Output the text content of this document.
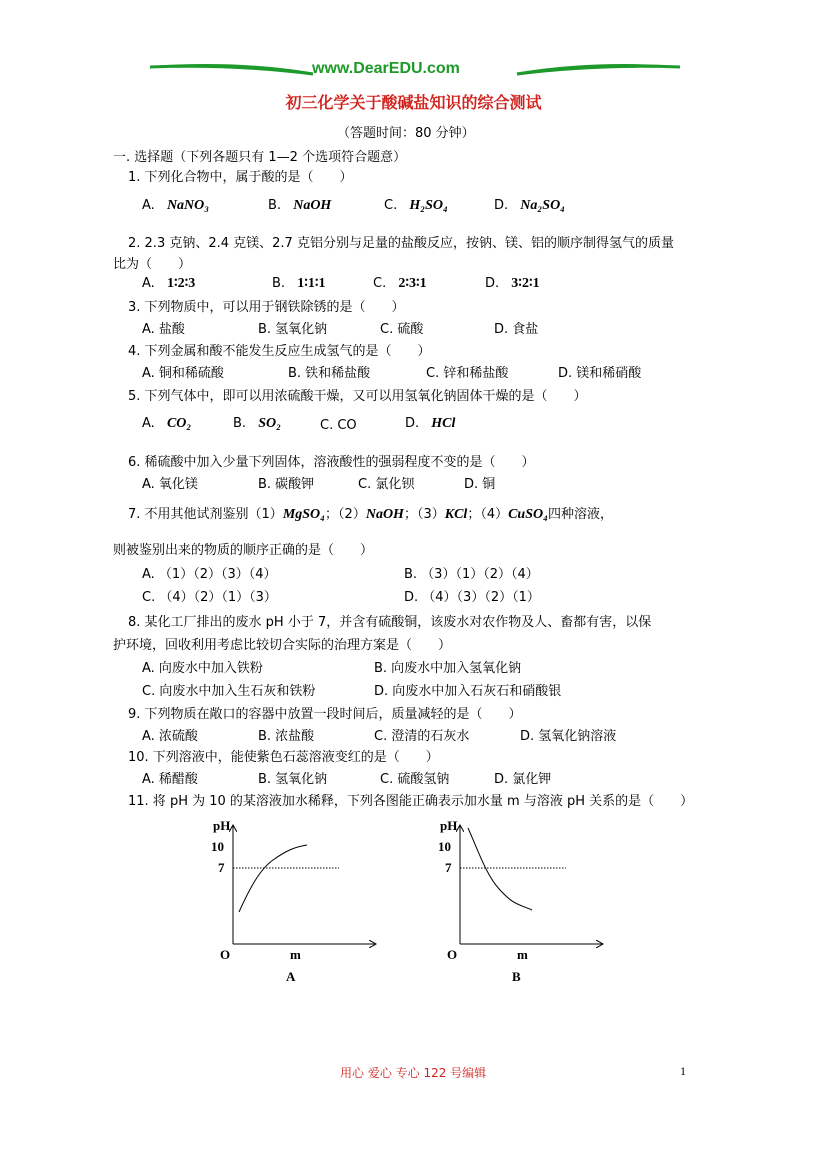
www.DearEDU.com
初三化学关于酸碱盐知识的综合测试
（答题时间：80 分钟）
一. 选择题（下列各题只有 1—2 个选项符合题意）
1. 下列化合物中，属于酸的是（　　）
A. NaNO₃	B. NaOH	C. H₂SO₄	D. Na₂SO₄
2. 2.3 克钠、2.4 克镁、2.7 克铝分别与足量的盐酸反应，按钠、镁、铝的顺序制得氢气的质量
比为（　　）
A. 1∶2∶3	B. 1∶1∶1	C. 2∶3∶1	D. 3∶2∶1
3. 下列物质中，可以用于钢铁除锈的是（　　）
A. 盐酸	B. 氢氧化钠	C. 硫酸	D. 食盐
4. 下列金属和酸不能发生反应生成氢气的是（　　）
A. 铜和稀硫酸	B. 铁和稀盐酸	C. 锌和稀盐酸	D. 镁和稀硝酸
5. 下列气体中，即可以用浓硫酸干燥，又可以用氢氧化钠固体干燥的是（　　）
A. CO₂	B. SO₂	C. CO	D. HCl
6. 稀硫酸中加入少量下列固体，溶液酸性的强弱程度不变的是（　　）
A. 氧化镁	B. 碳酸钾	C. 氯化钡	D. 铜
7. 不用其他试剂鉴别（1）MgSO₄；（2）NaOH；（3）KCl；（4）CuSO₄四种溶液，
则被鉴别出来的物质的顺序正确的是（　　）
A. （1）（2）（3）（4）	B. （3）（1）（2）（4）
C. （4）（2）（1）（3）	D. （4）（3）（2）（1）
8. 某化工厂排出的废水 pH 小于 7，并含有硫酸铜，该废水对农作物及人、畜都有害，以保
护环境，回收利用考虑比较切合实际的治理方案是（　　）
A. 向废水中加入铁粉	B. 向废水中加入氢氧化钠
C. 向废水中加入生石灰和铁粉	D. 向废水中加入石灰石和硝酸银
9. 下列物质在敞口的容器中放置一段时间后，质量减轻的是（　　）
A. 浓硫酸	B. 浓盐酸	C. 澄清的石灰水	D. 氢氧化钠溶液
10. 下列溶液中，能使紫色石蕊溶液变红的是（　　）
A. 稀醋酸	B. 氢氧化钠	C. 硫酸氢钠	D. 氯化钾
11. 将 pH 为 10 的某溶液加水稀释，下列各图能正确表示加水量 m 与溶液 pH 关系的是（　　）
pH
10
7
O	m
A
pH
10
7
O	m
B
用心 爱心 专心 122 号编辑	1
